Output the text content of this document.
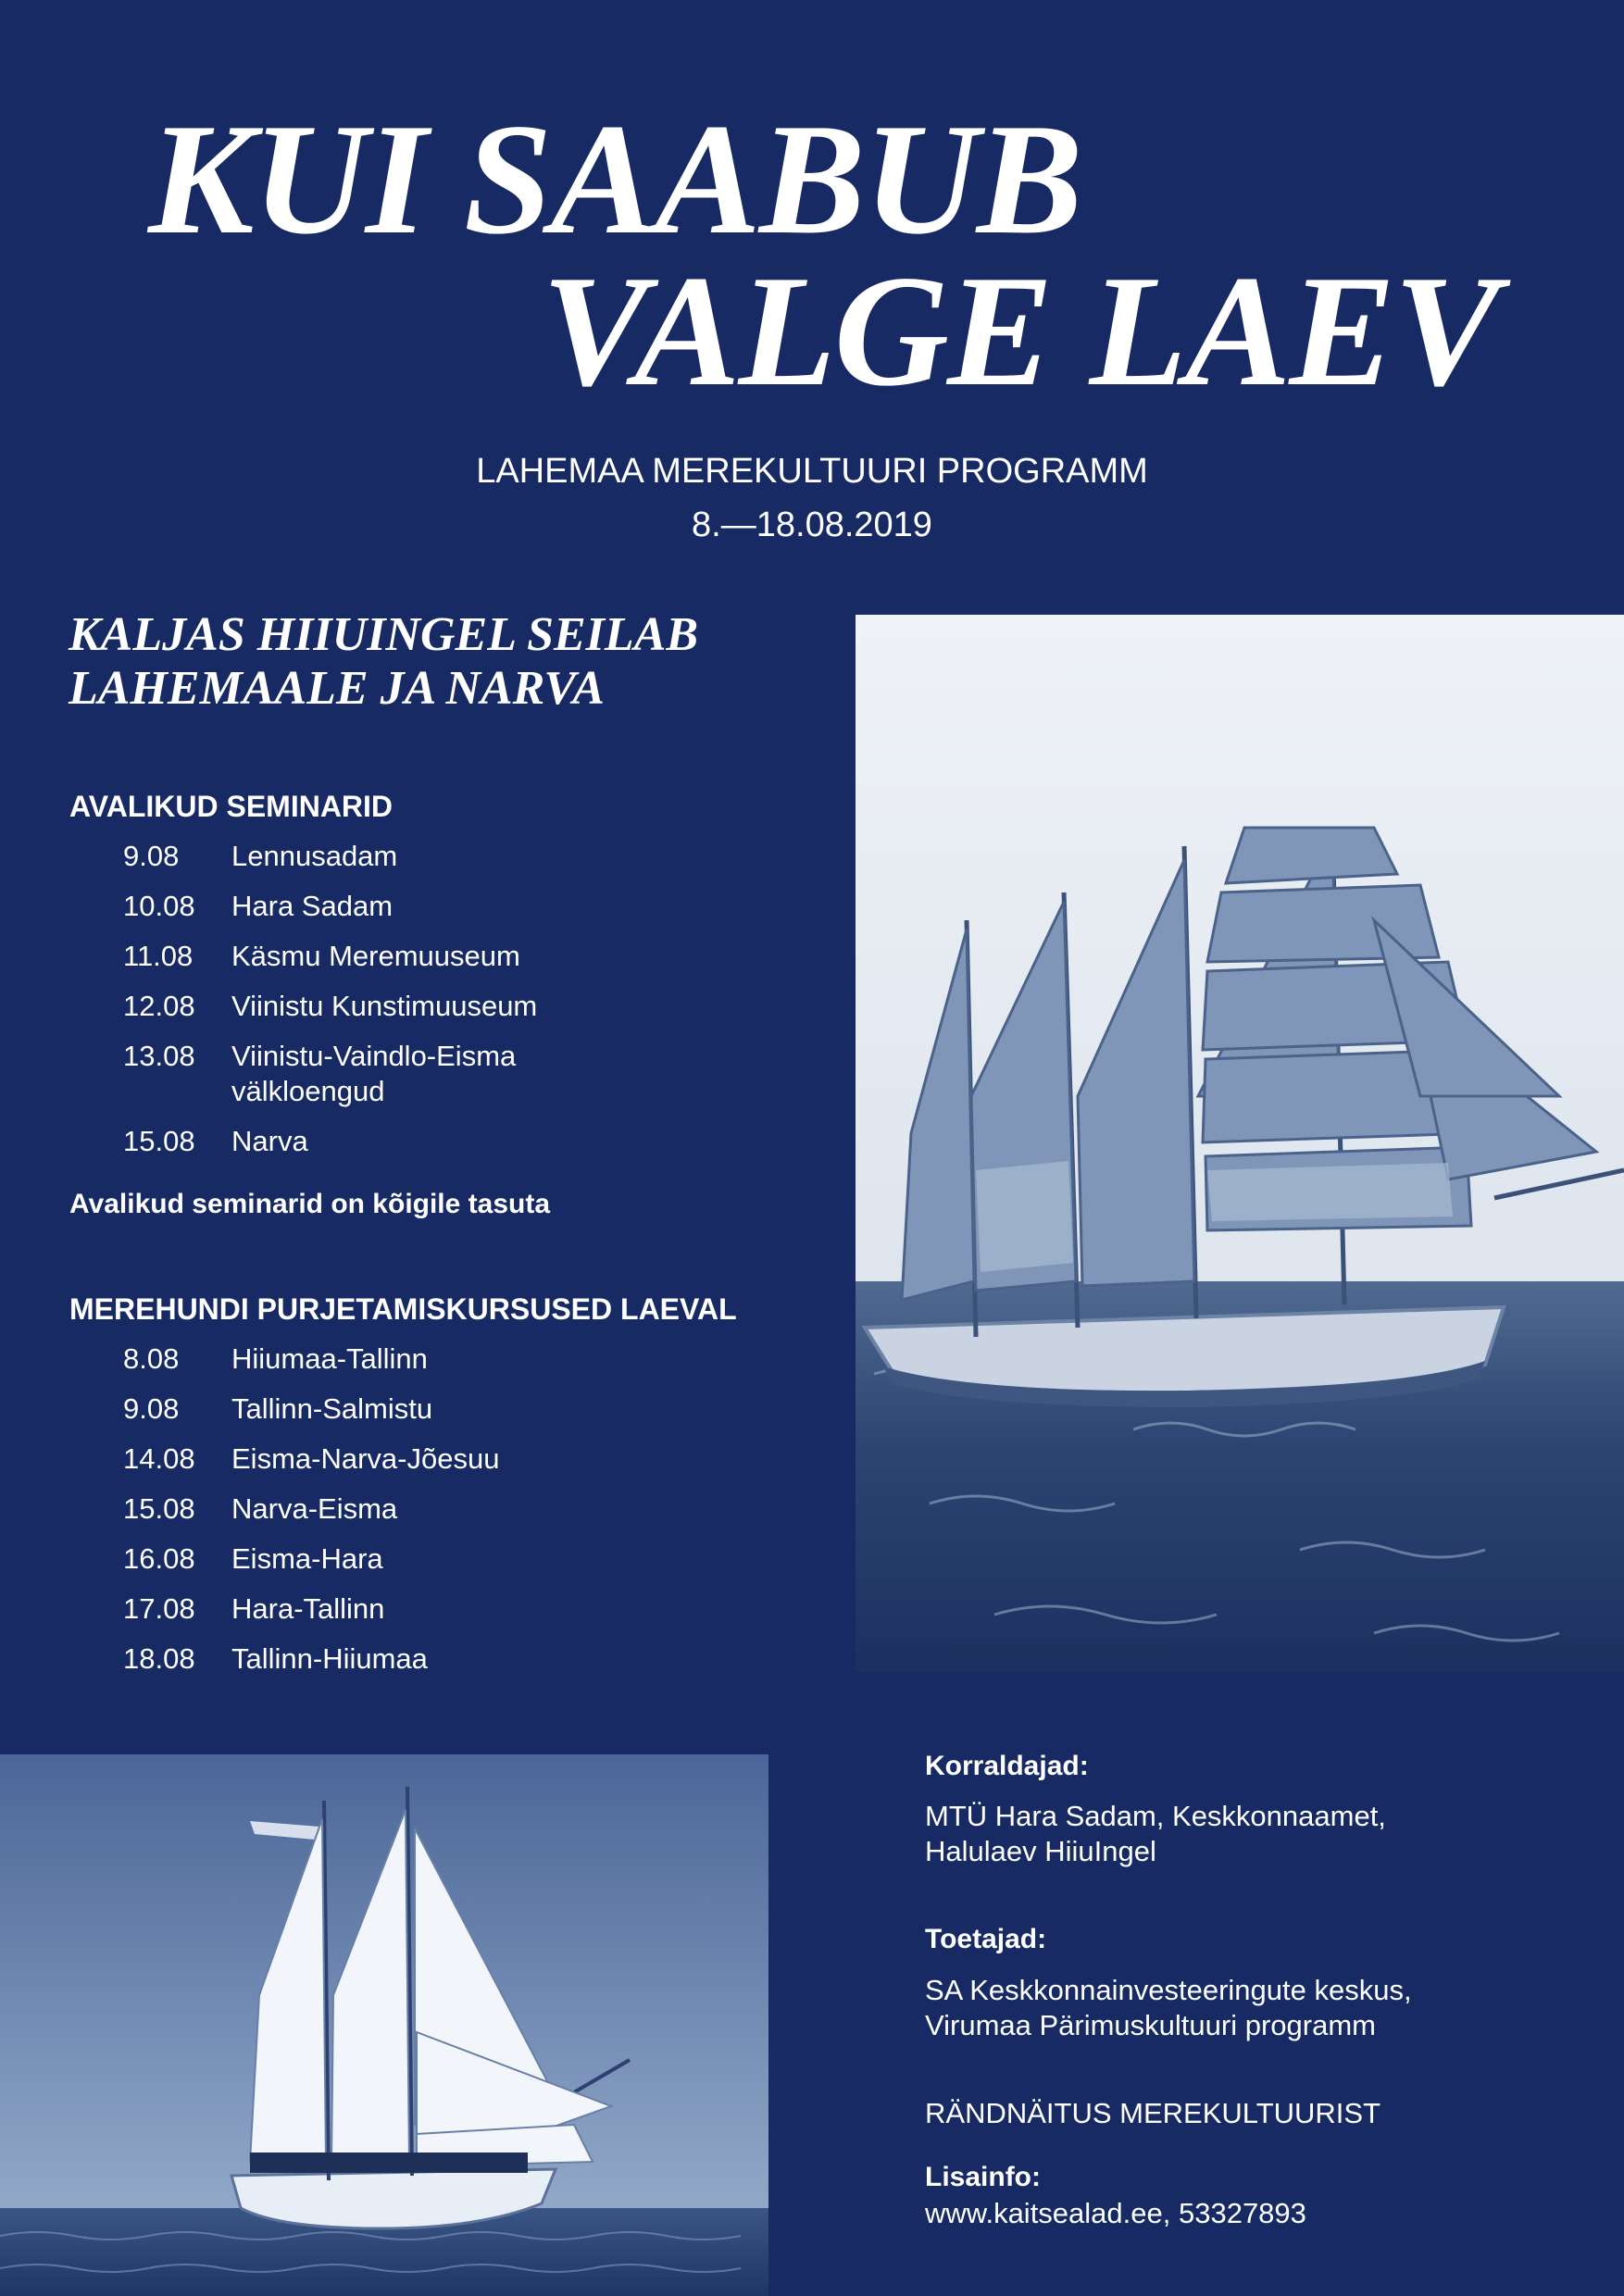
KUI SAABUB
VALGE LAEV
LAHEMAA MEREKULTUURI PROGRAMM
8.—18.08.2019
KALJAS HIIUINGEL SEILAB
LAHEMAALE JA NARVA
AVALIKUD SEMINARID
9.08	Lennusadam
10.08	Hara Sadam
11.08	Käsmu Meremuuseum
12.08	Viinistu Kunstimuuseum
13.08	Viinistu-Vaindlo-Eisma välkloengud
15.08	Narva
Avalikud seminarid on kõigile tasuta
MEREHUNDI PURJETAMISKURSUSED LAEVAL
8.08	Hiiumaa-Tallinn
9.08	Tallinn-Salmistu
14.08	Eisma-Narva-Jõesuu
15.08	Narva-Eisma
16.08	Eisma-Hara
17.08	Hara-Tallinn
18.08	Tallinn-Hiiumaa
Korraldajad:
MTÜ Hara Sadam, Keskkonnaamet,
Halulaev HiiuIngel
Toetajad:
SA Keskkonnainvesteeringute keskus,
Virumaa Pärimuskultuuri programm
RÄNDNÄITUS MEREKULTUURIST
Lisainfo:
www.kaitsealad.ee, 53327893
